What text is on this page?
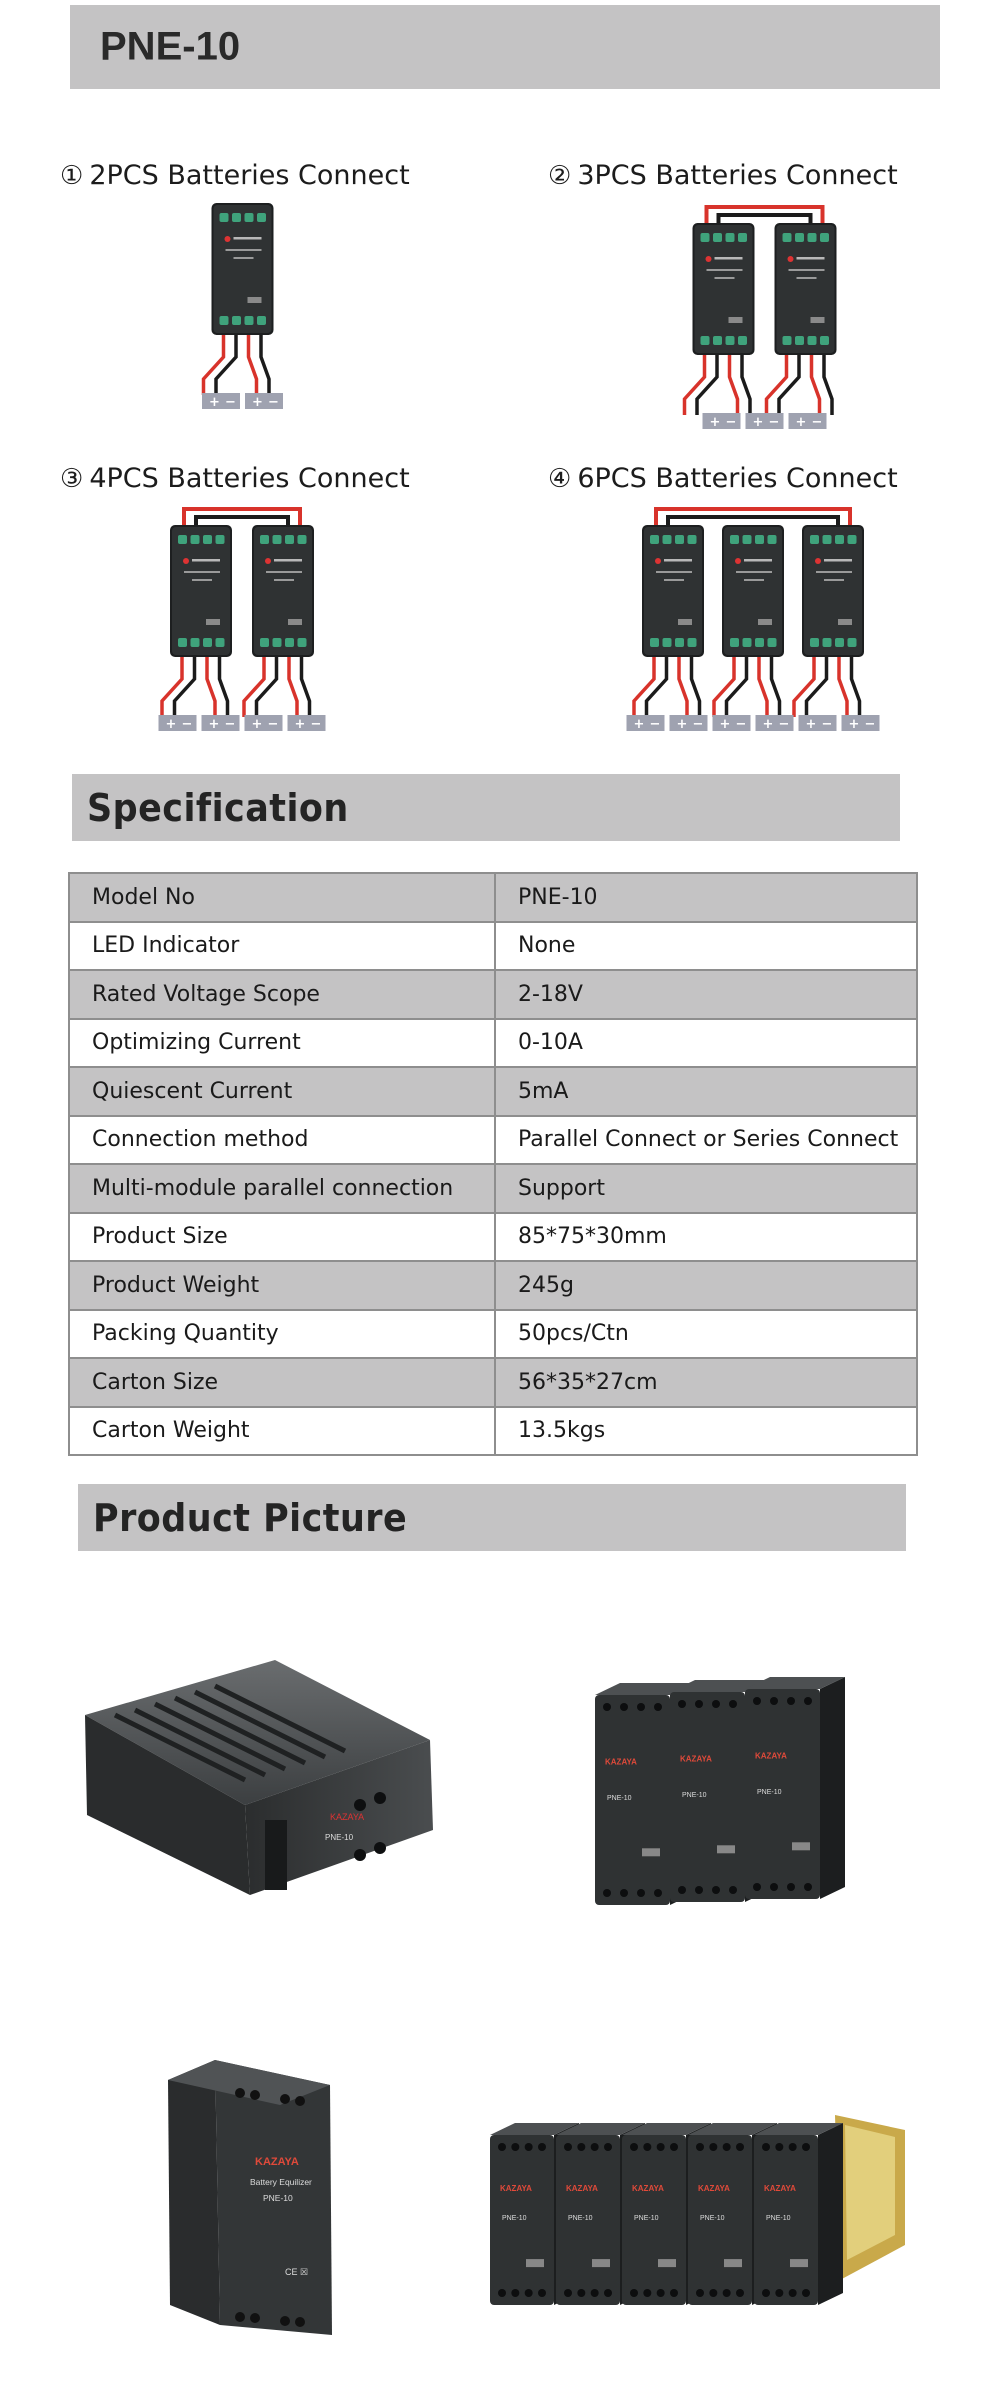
PNE-10
① 2PCS Batteries Connect	② 3PCS Batteries Connect
③ 4PCS Batteries Connect	④ 6PCS Batteries Connect
+ − + −
+ − + − + −
+ − + − + − + −	+ − + − + − + − + − + −
Specification
Model No	PNE-10
LED Indicator	None
Rated Voltage Scope	2-18V
Optimizing Current	0-10A
Quiescent Current	5mA
Connection method	Parallel Connect or Series Connect
Multi-module parallel connection	Support
Product Size	85*75*30mm
Product Weight	245g
Packing Quantity	50pcs/Ctn
Carton Size	56*35*27cm
Carton Weight	13.5kgs
Product Picture
KAZAYA
PNE-10
KAZAYA
PNE-10
KAZAYA
PNE-10
KAZAYA
PNE-10
KAZAYA
Battery Equilizer
PNE-10
CE ☒
KAZAYA
PNE-10
KAZAYA
PNE-10
KAZAYA
PNE-10
KAZAYA
PNE-10
KAZAYA
PNE-10
